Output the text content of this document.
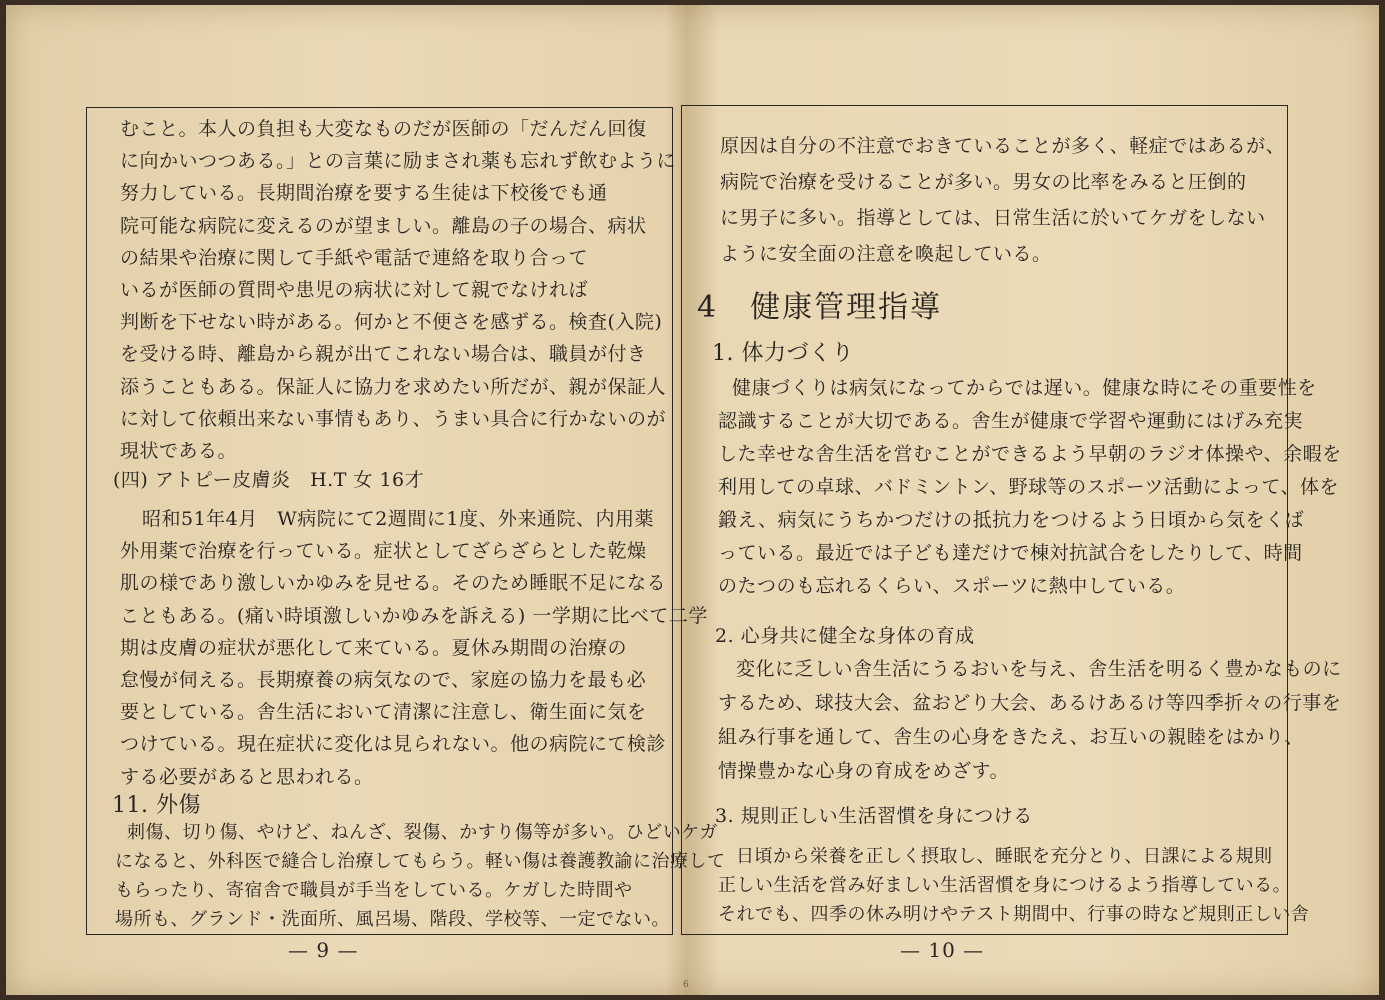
6
むこと。本人の負担も大変なものだが医師の「だんだん回復
に向かいつつある。」との言葉に励まされ薬も忘れず飲むように
努力している。長期間治療を要する生徒は下校後でも通
院可能な病院に変えるのが望ましい。離島の子の場合、病状
の結果や治療に関して手紙や電話で連絡を取り合って
いるが医師の質問や患児の病状に対して親でなければ
判断を下せない時がある。何かと不便さを感ずる。検査(入院)
を受ける時、離島から親が出てこれない場合は、職員が付き
添うこともある。保証人に協力を求めたい所だが、親が保証人
に対して依頼出来ない事情もあり、うまい具合に行かないのが
現状である。
(四) アトピー皮膚炎　H.T 女 16才
昭和51年4月　W病院にて2週間に1度、外来通院、内用薬
外用薬で治療を行っている。症状としてざらざらとした乾燥
肌の様であり激しいかゆみを見せる。そのため睡眠不足になる
こともある。(痛い時頃激しいかゆみを訴える) 一学期に比べて二学
期は皮膚の症状が悪化して来ている。夏休み期間の治療の
怠慢が伺える。長期療養の病気なので、家庭の協力を最も必
要としている。舎生活において清潔に注意し、衛生面に気を
つけている。現在症状に変化は見られない。他の病院にて検診
する必要があると思われる。
11. 外傷
刺傷、切り傷、やけど、ねんざ、裂傷、かすり傷等が多い。ひどいケガ
になると、外科医で縫合し治療してもらう。軽い傷は養護教諭に治療して
もらったり、寄宿舎で職員が手当をしている。ケガした時間や
場所も、グランド・洗面所、風呂場、階段、学校等、一定でない。
— 9 —
原因は自分の不注意でおきていることが多く、軽症ではあるが、
病院で治療を受けることが多い。男女の比率をみると圧倒的
に男子に多い。指導としては、日常生活に於いてケガをしない
ように安全面の注意を喚起している。
4　健康管理指導
1. 体力づくり
健康づくりは病気になってからでは遅い。健康な時にその重要性を
認識することが大切である。舎生が健康で学習や運動にはげみ充実
した幸せな舎生活を営むことができるよう早朝のラジオ体操や、余暇を
利用しての卓球、バドミントン、野球等のスポーツ活動によって、体を
鍛え、病気にうちかつだけの抵抗力をつけるよう日頃から気をくば
っている。最近では子ども達だけで棟対抗試合をしたりして、時間
のたつのも忘れるくらい、スポーツに熱中している。
2. 心身共に健全な身体の育成
変化に乏しい舎生活にうるおいを与え、舎生活を明るく豊かなものに
するため、球技大会、盆おどり大会、あるけあるけ等四季折々の行事を
組み行事を通して、舎生の心身をきたえ、お互いの親睦をはかり、
情操豊かな心身の育成をめざす。
3. 規則正しい生活習慣を身につける
日頃から栄養を正しく摂取し、睡眠を充分とり、日課による規則
正しい生活を営み好ましい生活習慣を身につけるよう指導している。
それでも、四季の休み明けやテスト期間中、行事の時など規則正しい舎
— 10 —
